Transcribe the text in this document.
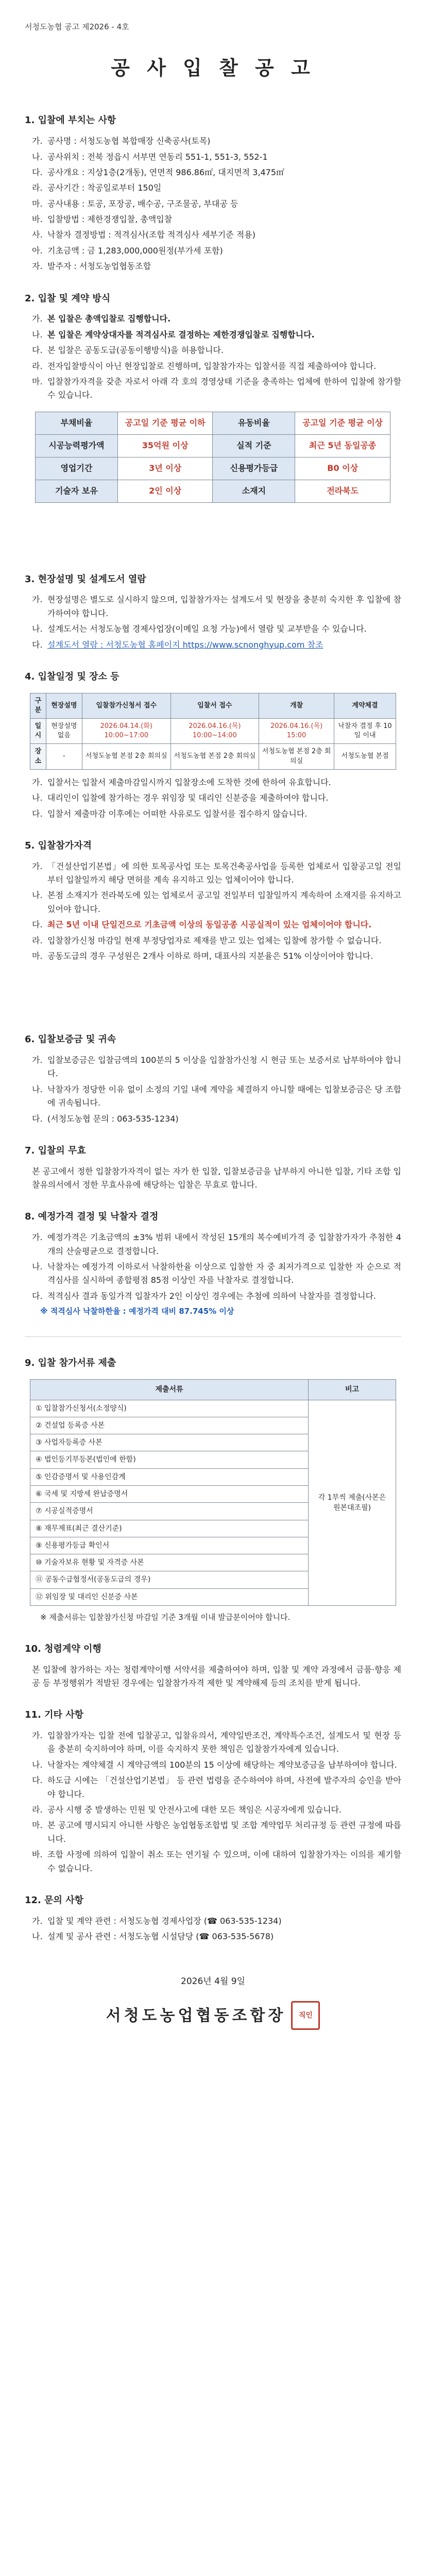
서청도농협 공고 제2026 - 4호
공 사 입 찰 공 고
1. 입찰에 부치는 사항
가. 공사명 : 서청도농협 복합매장 신축공사(토목)
나. 공사위치 : 전북 정읍시 서부면 연동리 551-1, 551-3, 552-1
다. 공사개요 : 지상1층(2개동), 연면적 986.86㎡, 대지면적 3,475㎡
라. 공사기간 : 착공일로부터 150일
마. 공사내용 : 토공, 포장공, 배수공, 구조물공, 부대공 등
바. 입찰방법 : 제한경쟁입찰, 총액입찰
사. 낙찰자 결정방법 : 적격심사(조합 적격심사 세부기준 적용)
아. 기초금액 : 금 1,283,000,000원정(부가세 포함)
자. 발주자 : 서청도농업협동조합
2. 입찰 및 계약 방식
가. 본 입찰은 총액입찰로 집행합니다.
나. 본 입찰은 계약상대자를 적격심사로 결정하는 제한경쟁입찰로 집행합니다.
다. 본 입찰은 공동도급(공동이행방식)을 허용합니다.
라. 전자입찰방식이 아닌 현장입찰로 진행하며, 입찰참가자는 입찰서를 직접 제출하여야 합니다.
마. 입찰참가자격을 갖춘 자로서 아래 각 호의 경영상태 기준을 충족하는 업체에 한하여 입찰에 참가할 수 있습니다.
부채비율	공고일 기준 평균 이하	유동비율	공고일 기준 평균 이상
시공능력평가액	35억원 이상	실적 기준	최근 5년 동일공종
영업기간	3년 이상	신용평가등급	B0 이상
기술자 보유	2인 이상	소재지	전라북도
3. 현장설명 및 설계도서 열람
가. 현장설명은 별도로 실시하지 않으며, 입찰참가자는 설계도서 및 현장을 충분히 숙지한 후 입찰에 참가하여야 합니다.
나. 설계도서는 서청도농협 경제사업장(이메일 요청 가능)에서 열람 및 교부받을 수 있습니다.
다. 설계도서 열람 : 서청도농협 홈페이지 https://www.scnonghyup.com 참조
4. 입찰일정 및 장소 등
구분	현장설명	입찰참가신청서 접수	입찰서 접수	개찰	계약체결
일시	현장설명 없음	2026.04.14.(화) 10:00~17:00	2026.04.16.(목) 10:00~14:00	2026.04.16.(목) 15:00	낙찰자 결정 후 10일 이내
장소	-	서청도농협 본점 2층 회의실	서청도농협 본점 2층 회의실	서청도농협 본점 2층 회의실	서청도농협 본점
가. 입찰서는 입찰서 제출마감일시까지 입찰장소에 도착한 것에 한하여 유효합니다.
나. 대리인이 입찰에 참가하는 경우 위임장 및 대리인 신분증을 제출하여야 합니다.
다. 입찰서 제출마감 이후에는 어떠한 사유로도 입찰서를 접수하지 않습니다.
5. 입찰참가자격
가. 「건설산업기본법」에 의한 토목공사업 또는 토목건축공사업을 등록한 업체로서 입찰공고일 전일부터 입찰일까지 해당 면허를 계속 유지하고 있는 업체이어야 합니다.
나. 본점 소재지가 전라북도에 있는 업체로서 공고일 전일부터 입찰일까지 계속하여 소재지를 유지하고 있어야 합니다.
다. 최근 5년 이내 단일건으로 기초금액 이상의 동일공종 시공실적이 있는 업체이어야 합니다.
라. 입찰참가신청 마감일 현재 부정당업자로 제재를 받고 있는 업체는 입찰에 참가할 수 없습니다.
마. 공동도급의 경우 구성원은 2개사 이하로 하며, 대표사의 지분율은 51% 이상이어야 합니다.
6. 입찰보증금 및 귀속
가. 입찰보증금은 입찰금액의 100분의 5 이상을 입찰참가신청 시 현금 또는 보증서로 납부하여야 합니다.
나. 낙찰자가 정당한 이유 없이 소정의 기일 내에 계약을 체결하지 아니할 때에는 입찰보증금은 당 조합에 귀속됩니다.
다. (서청도농협 문의 : 063-535-1234)
7. 입찰의 무효
본 공고에서 정한 입찰참가자격이 없는 자가 한 입찰, 입찰보증금을 납부하지 아니한 입찰, 기타 조합 입찰유의서에서 정한 무효사유에 해당하는 입찰은 무효로 합니다.
8. 예정가격 결정 및 낙찰자 결정
가. 예정가격은 기초금액의 ±3% 범위 내에서 작성된 15개의 복수예비가격 중 입찰참가자가 추첨한 4개의 산술평균으로 결정합니다.
나. 낙찰자는 예정가격 이하로서 낙찰하한율 이상으로 입찰한 자 중 최저가격으로 입찰한 자 순으로 적격심사를 실시하여 종합평점 85점 이상인 자를 낙찰자로 결정합니다.
다. 적격심사 결과 동일가격 입찰자가 2인 이상인 경우에는 추첨에 의하여 낙찰자를 결정합니다.
※ 적격심사 낙찰하한율 : 예정가격 대비 87.745% 이상
9. 입찰 참가서류 제출
제출서류	비고
① 입찰참가신청서(소정양식)	각 1부씩 제출(사본은 원본대조필)
② 건설업 등록증 사본	
③ 사업자등록증 사본	
④ 법인등기부등본(법인에 한함)	
⑤ 인감증명서 및 사용인감계	
⑥ 국세 및 지방세 완납증명서	
⑦ 시공실적증명서	
⑧ 재무제표(최근 결산기준)	
⑨ 신용평가등급 확인서	
⑩ 기술자보유 현황 및 자격증 사본	
⑪ 공동수급협정서(공동도급의 경우)	
⑫ 위임장 및 대리인 신분증 사본	
※ 제출서류는 입찰참가신청 마감일 기준 3개월 이내 발급분이어야 합니다.
10. 청렴계약 이행
본 입찰에 참가하는 자는 청렴계약이행 서약서를 제출하여야 하며, 입찰 및 계약 과정에서 금품·향응 제공 등 부정행위가 적발된 경우에는 입찰참가자격 제한 및 계약해제 등의 조치를 받게 됩니다.
11. 기타 사항
가. 입찰참가자는 입찰 전에 입찰공고, 입찰유의서, 계약일반조건, 계약특수조건, 설계도서 및 현장 등을 충분히 숙지하여야 하며, 이를 숙지하지 못한 책임은 입찰참가자에게 있습니다.
나. 낙찰자는 계약체결 시 계약금액의 100분의 15 이상에 해당하는 계약보증금을 납부하여야 합니다.
다. 하도급 시에는 「건설산업기본법」 등 관련 법령을 준수하여야 하며, 사전에 발주자의 승인을 받아야 합니다.
라. 공사 시행 중 발생하는 민원 및 안전사고에 대한 모든 책임은 시공자에게 있습니다.
마. 본 공고에 명시되지 아니한 사항은 농업협동조합법 및 조합 계약업무 처리규정 등 관련 규정에 따릅니다.
바. 조합 사정에 의하여 입찰이 취소 또는 연기될 수 있으며, 이에 대하여 입찰참가자는 이의를 제기할 수 없습니다.
12. 문의 사항
가. 입찰 및 계약 관련 : 서청도농협 경제사업장 (☎ 063-535-1234)
나. 설계 및 공사 관련 : 서청도농협 시설담당 (☎ 063-535-5678)
2026년 4월 9일
서청도농업협동조합장	직인
